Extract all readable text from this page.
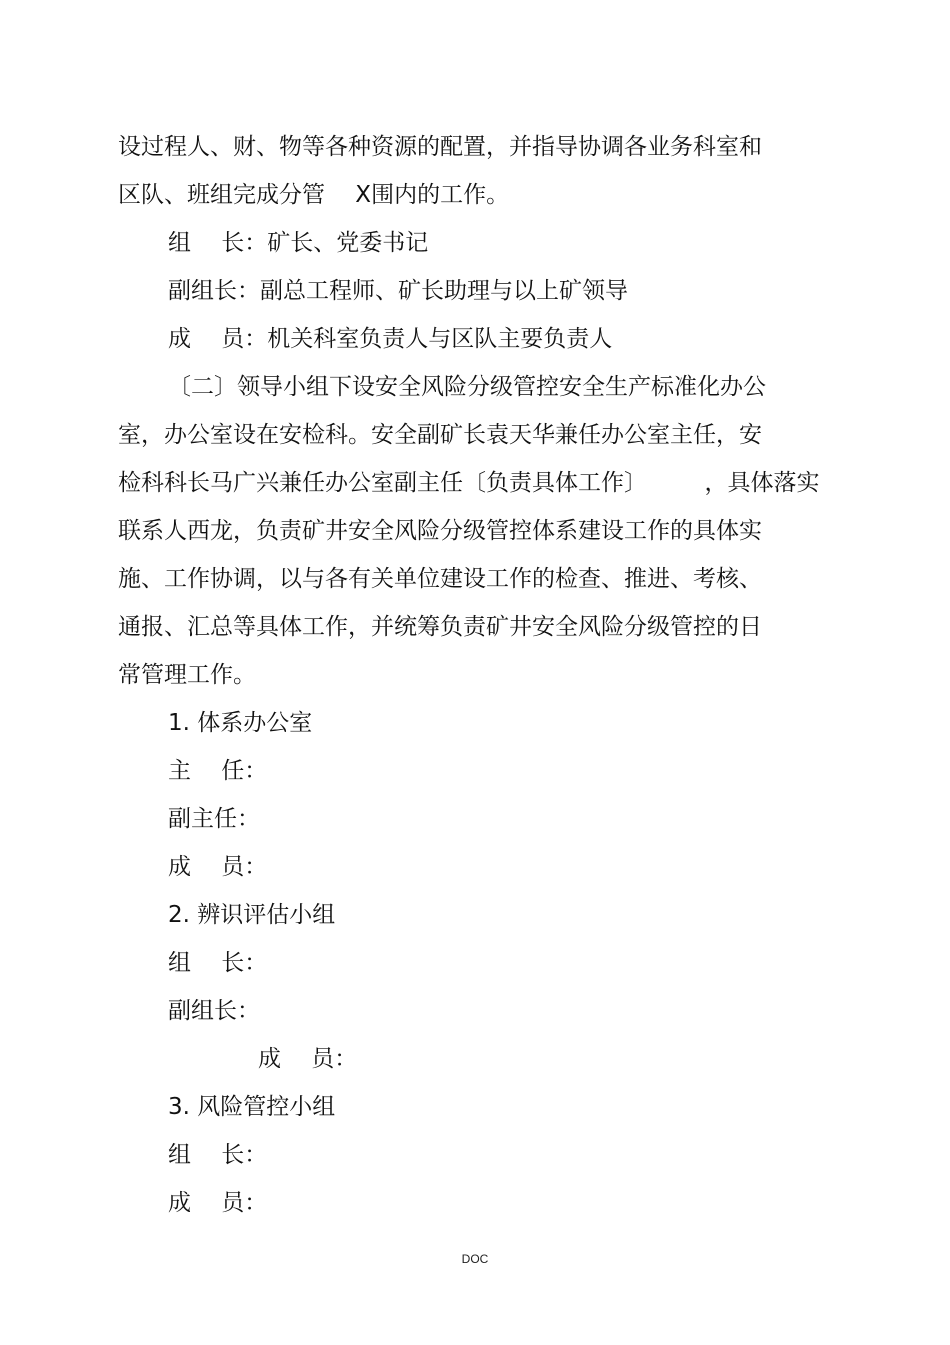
设过程人、财、物等各种资源的配置，并指导协调各业务科室和

区队、班组完成分管　 X围内的工作。

组　 长：矿长、党委书记

副组长：副总工程师、矿长助理与以上矿领导

成　 员：机关科室负责人与区队主要负责人

〔二〕领导小组下设安全风险分级管控安全生产标准化办公

室，办公室设在安检科。安全副矿长袁天华兼任办公室主任，安

检科科长马广兴兼任办公室副主任〔负责具体工作〕　　　，具体落实

联系人西龙，负责矿井安全风险分级管控体系建设工作的具体实

施、工作协调，以与各有关单位建设工作的检查、推进、考核、

通报、汇总等具体工作，并统筹负责矿井安全风险分级管控的日

常管理工作。

1. 体系办公室

主　 任：

副主任：

成　 员：

2. 辨识评估小组

组　 长：

副组长：

成　 员：

3. 风险管控小组

组　 长：

成　 员：

DOC
